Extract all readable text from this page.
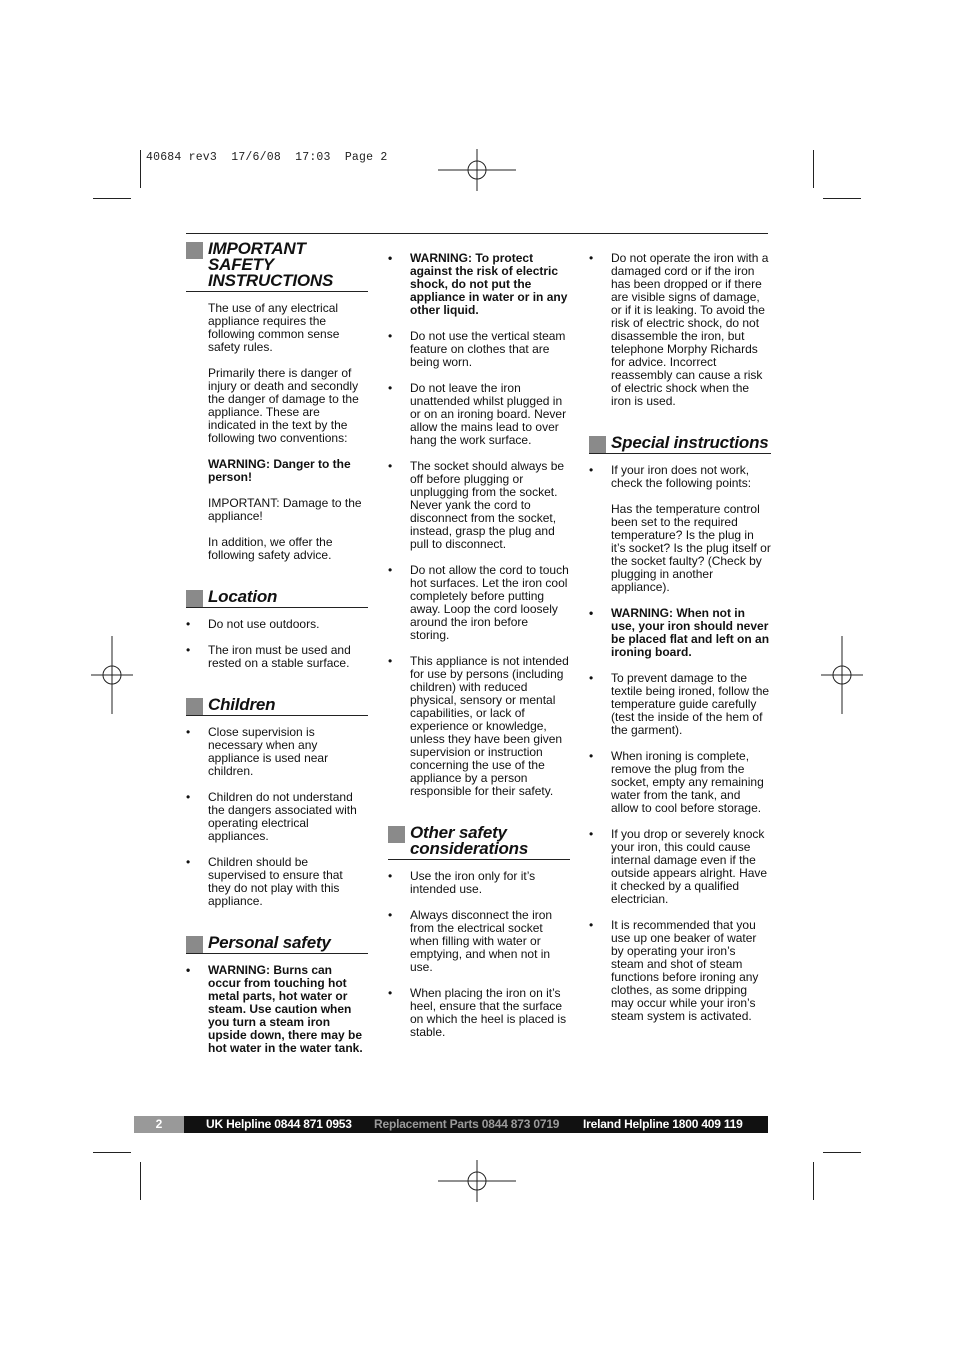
40684 rev3  17/6/08  17:03  Page 2
IMPORTANT SAFETY INSTRUCTIONS

The use of any electrical appliance requires the following common sense safety rules.

Primarily there is danger of injury or death and secondly the danger of damage to the appliance. These are indicated in the text by the following two conventions:

WARNING: Danger to the person!

IMPORTANT: Damage to the appliance!

In addition, we offer the following safety advice.

Location
• Do not use outdoors.
• The iron must be used and rested on a stable surface.
Children
• Close supervision is necessary when any appliance is used near children.
• Children do not understand the dangers associated with operating electrical appliances.
• Children should be supervised to ensure that they do not play with this appliance.
Personal safety
• WARNING: Burns can occur from touching hot metal parts, hot water or steam. Use caution when you turn a steam iron upside down, there may be hot water in the water tank.
• WARNING: To protect against the risk of electric shock, do not put the appliance in water or in any other liquid.
• Do not use the vertical steam feature on clothes that are being worn.
• Do not leave the iron unattended whilst plugged in or on an ironing board. Never allow the mains lead to over hang the work surface.
• The socket should always be off before plugging or unplugging from the socket. Never yank the cord to disconnect from the socket, instead, grasp the plug and pull to disconnect.
• Do not allow the cord to touch hot surfaces. Let the iron cool completely before putting away. Loop the cord loosely around the iron before storing.
• This appliance is not intended for use by persons (including children) with reduced physical, sensory or mental capabilities, or lack of experience or knowledge, unless they have been given supervision or instruction concerning the use of the appliance by a person responsible for their safety.
Other safety considerations
• Use the iron only for it’s intended use.
• Always disconnect the iron from the electrical socket when filling with water or emptying, and when not in use.
• When placing the iron on it’s heel, ensure that the surface on which the heel is placed is stable.
• Do not operate the iron with a damaged cord or if the iron has been dropped or if there are visible signs of damage, or if it is leaking. To avoid the risk of electric shock, do not disassemble the iron, but telephone Morphy Richards for advice. Incorrect reassembly can cause a risk of electric shock when the iron is used.
Special instructions
• If your iron does not work, check the following points:
Has the temperature control been set to the required temperature? Is the plug in it’s socket? Is the plug itself or the socket faulty? (Check by plugging in another appliance).
• WARNING: When not in use, your iron should never be placed flat and left on an ironing board.
• To prevent damage to the textile being ironed, follow the temperature guide carefully (test the inside of the hem of the garment).
• When ironing is complete, remove the plug from the socket, empty any remaining water from the tank, and allow to cool before storage.
• If you drop or severely knock your iron, this could cause internal damage even if the outside appears alright. Have it checked by a qualified electrician.
• It is recommended that you use up one beaker of water by operating your iron’s steam and shot of steam functions before ironing any clothes, as some dripping may occur while your iron’s steam system is activated.
2	UK Helpline 0844 871 0953 Replacement Parts 0844 873 0719 Ireland Helpline 1800 409 119
